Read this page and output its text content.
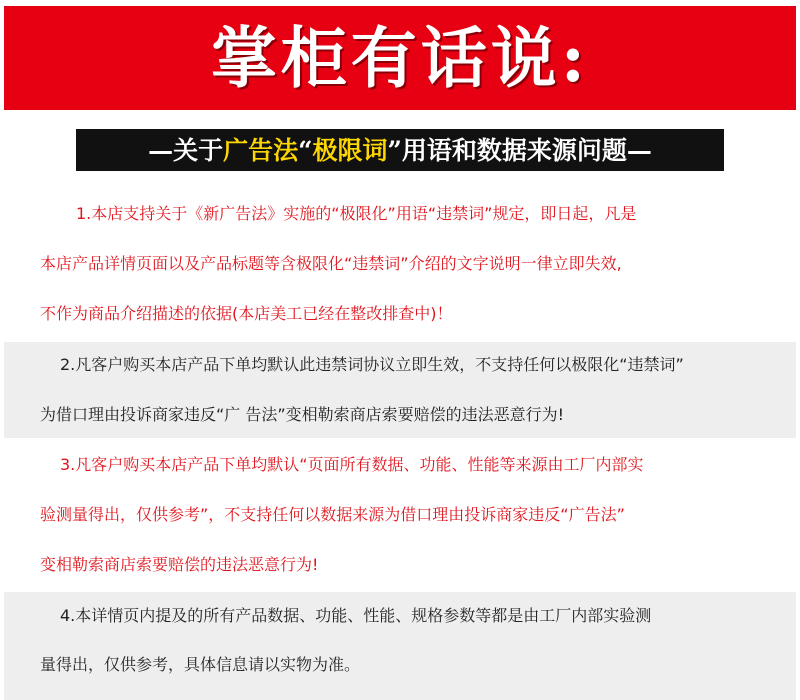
掌柜有话说:
—关于 广告法 “ 极限词 ” 用语和数据来源问题—
1.本店支持关于《新广告法》实施的“极限化”用语“违禁词”规定，即日起，凡是
本店产品详情页面以及产品标题等含极限化“违禁词”介绍的文字说明一律立即失效,
不作为商品介绍描述的依据(本店美工已经在整改排查中)！
2.凡客户购买本店产品下单均默认此违禁词协议立即生效，不支持任何以极限化“违禁词”
为借口理由投诉商家违反“广 告法”变相勒索商店索要赔偿的违法恶意行为!
3.凡客户购买本店产品下单均默认“页面所有数据、功能、性能等来源由工厂内部实
验测量得出，仅供参考”，不支持任何以数据来源为借口理由投诉商家违反“广告法”
变相勒索商店索要赔偿的违法恶意行为!
4.本详情页内提及的所有产品数据、功能、性能、规格参数等都是由工厂内部实验测
量得出，仅供参考，具体信息请以实物为准。
